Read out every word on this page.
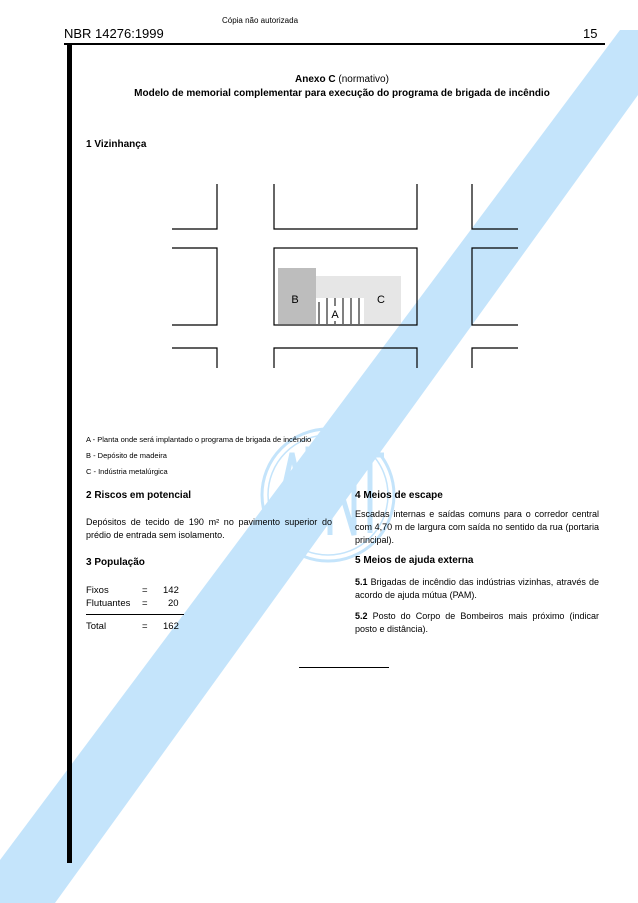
Cópia não autorizada
NBR 14276:1999	15
Anexo C (normativo)
Modelo de memorial complementar para execução do programa de brigada de incêndio
1 Vizinhança
B	C
A
A - Planta onde será implantado o programa de brigada de incêndio
B - Depósito de madeira
C - Indústria metalúrgica
2 Riscos em potencial
Depósitos de tecido de 190 m² no pavimento superior do prédio de entrada sem isolamento.
3 População
Fixos	= 142
Flutuantes = 20
Total	= 162
4 Meios de escape
Escadas internas e saídas comuns para o corredor central com 4,70 m de largura com saída no sentido da rua (portaria principal).
5 Meios de ajuda externa
5.1 Brigadas de incêndio das indústrias vizinhas, através de acordo de ajuda mútua (PAM).
5.2 Posto do Corpo de Bombeiros mais próximo (indicar posto e distância).
